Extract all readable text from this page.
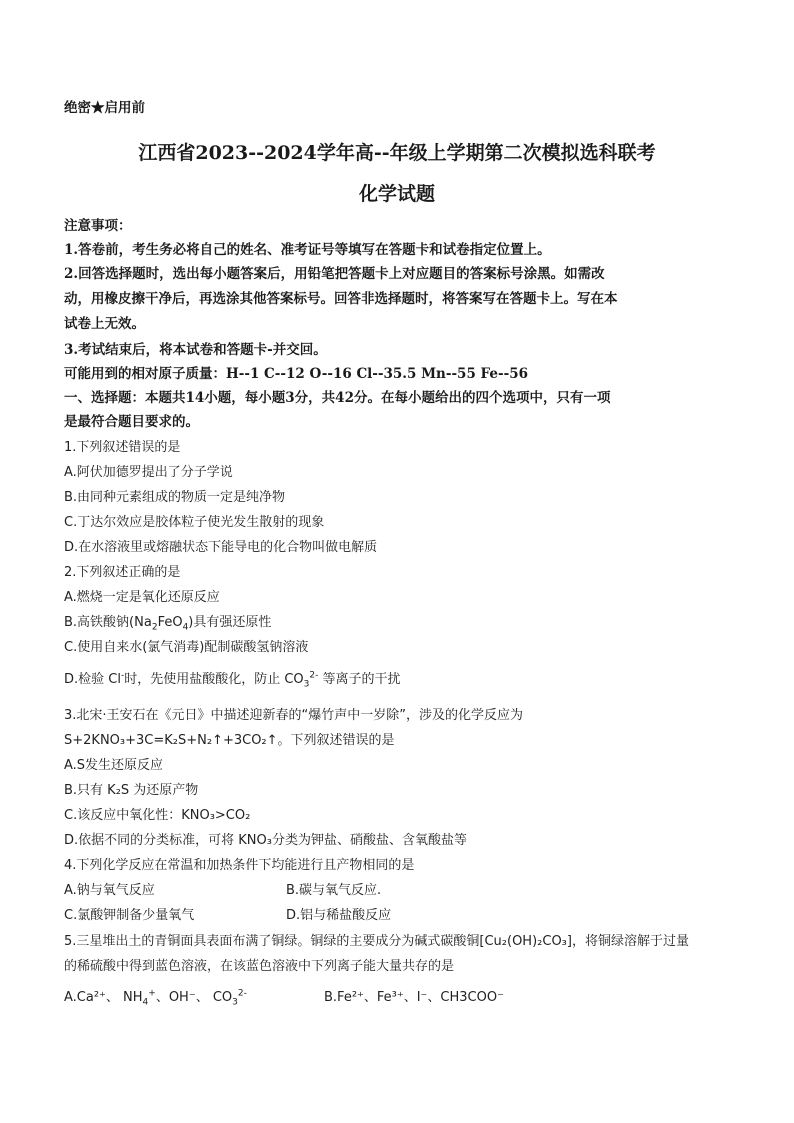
绝密★启用前
江西省2023--2024学年高--年级上学期第二次模拟选科联考
化学试题
注意事项：
1.答卷前，考生务必将自己的姓名、准考证号等填写在答题卡和试卷指定位置上。
2.回答选择题时，选出每小题答案后，用铅笔把答题卡上对应题目的答案标号涂黑。如需改
动，用橡皮擦干净后，再选涂其他答案标号。回答非选择题时，将答案写在答题卡上。写在本
试卷上无效。
3.考试结束后，将本试卷和答题卡-并交回。
可能用到的相对原子质量：H--1 C--12 O--16 Cl--35.5 Mn--55 Fe--56
一、选择题：本题共14小题，每小题3分，共42分。在每小题给出的四个选项中，只有一项
是最符合题目要求的。
1.下列叙述错误的是
A.阿伏加德罗提出了分子学说
B.由同种元素组成的物质一定是纯净物
C.丁达尔效应是胶体粒子使光发生散射的现象
D.在水溶液里或熔融状态下能导电的化合物叫做电解质
2.下列叙述正确的是
A.燃烧一定是氧化还原反应
B.高铁酸钠$(Na_2FeO_4)$具有强还原性
C.使用自来水(氯气消毒)配制碳酸氢钠溶液
D.检验 Cl-时，先使用盐酸酸化，防止 $CO_3^{2-}$ 等离子的干扰
3.北宋·王安石在《元日》中描述迎新春的“爆竹声中一岁除”，涉及的化学反应为
S+2KNO₃+3C=K₂S+N₂↑+3CO₂↑。下列叙述错误的是
A.S发生还原反应
B.只有 K₂S 为还原产物
C.该反应中氧化性：KNO₃>CO₂
D.依据不同的分类标准，可将 KNO₃分类为钾盐、硝酸盐、含氧酸盐等
4.下列化学反应在常温和加热条件下均能进行且产物相同的是
A.钠与氧气反应	B.碳与氧气反应.
C.氯酸钾制备少量氧气	D.铝与稀盐酸反应
5.三星堆出土的青铜面具表面布满了铜绿。铜绿的主要成分为碱式碳酸铜[Cu₂(OH)₂CO₃]，将铜绿溶解于过量
的稀硫酸中得到蓝色溶液，在该蓝色溶液中下列离子能大量共存的是
A.Ca²⁺、 $NH_4^+$、OH⁻、 $CO_3^{2-}$	B.Fe²⁺、Fe³⁺、I⁻、CH3COO⁻
